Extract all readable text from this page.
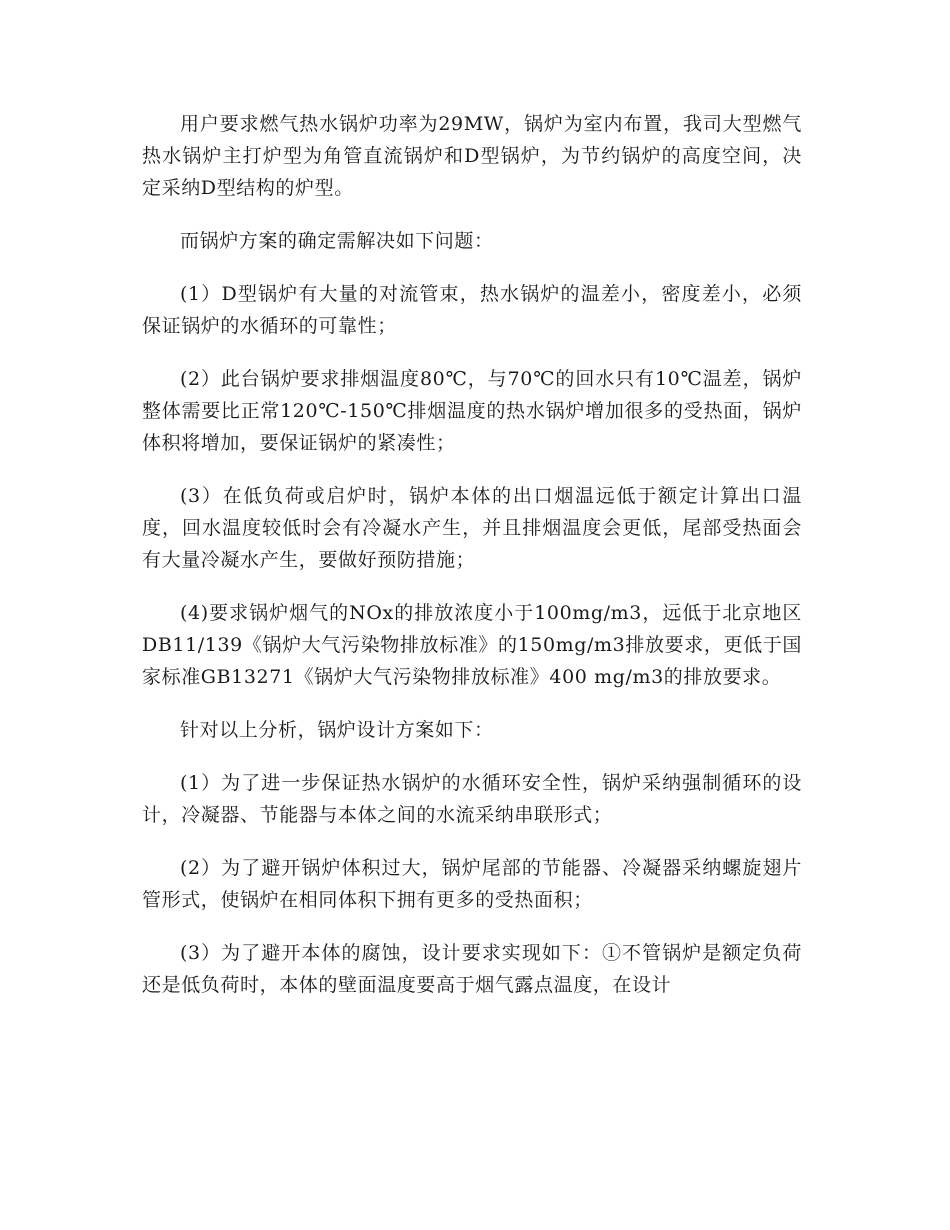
用户要求燃气热水锅炉功率为29MW，锅炉为室内布置，我司大型燃气热水锅炉主打炉型为角管直流锅炉和D型锅炉，为节约锅炉的高度空间，决定采纳D型结构的炉型。

而锅炉方案的确定需解决如下问题：

(1）D型锅炉有大量的对流管束，热水锅炉的温差小，密度差小，必须保证锅炉的水循环的可靠性；

(2）此台锅炉要求排烟温度80℃，与70℃的回水只有10℃温差，锅炉整体需要比正常120℃-150℃排烟温度的热水锅炉增加很多的受热面，锅炉体积将增加，要保证锅炉的紧凑性；

(3）在低负荷或启炉时，锅炉本体的出口烟温远低于额定计算出口温度，回水温度较低时会有冷凝水产生，并且排烟温度会更低，尾部受热面会有大量冷凝水产生，要做好预防措施；

(4)要求锅炉烟气的NOx的排放浓度小于100mg/m3，远低于北京地区DB11/139《锅炉大气污染物排放标准》的150mg/m3排放要求，更低于国家标准GB13271《锅炉大气污染物排放标准》400 mg/m3的排放要求。

针对以上分析，锅炉设计方案如下：

(1）为了进一步保证热水锅炉的水循环安全性，锅炉采纳强制循环的设计，冷凝器、节能器与本体之间的水流采纳串联形式；

(2）为了避开锅炉体积过大，锅炉尾部的节能器、冷凝器采纳螺旋翅片管形式，使锅炉在相同体积下拥有更多的受热面积；

(3）为了避开本体的腐蚀，设计要求实现如下：①不管锅炉是额定负荷还是低负荷时，本体的壁面温度要高于烟气露点温度，在设计
